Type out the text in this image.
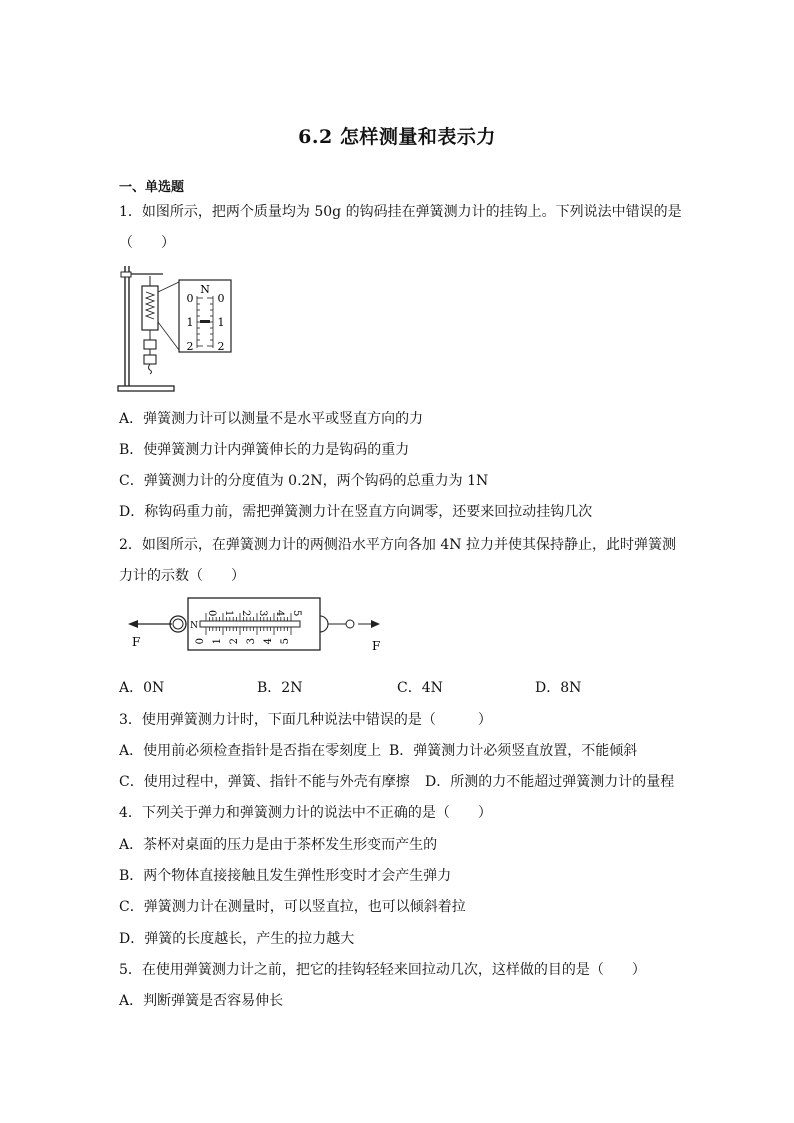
6.2 怎样测量和表示力
一、单选题
1．如图所示，把两个质量均为 50g 的钩码挂在弹簧测力计的挂钩上。下列说法中错误的是
（　　）
N
0 0
1 1
2 2
A．弹簧测力计可以测量不是水平或竖直方向的力
B．使弹簧测力计内弹簧伸长的力是钩码的重力
C．弹簧测力计的分度值为 0.2N，两个钩码的总重力为 1N
D．称钩码重力前，需把弹簧测力计在竖直方向调零，还要来回拉动挂钩几次
2．如图所示，在弹簧测力计的两侧沿水平方向各加 4N 拉力并使其保持静止，此时弹簧测
力计的示数（　　）
F
N
0 1 2 3 4 5
0 1 2 3 4 5	F
A．0N	B．2N	C．4N	D．8N
3．使用弹簧测力计时，下面几种说法中错误的是（　　　）
A．使用前必须检查指针是否指在零刻度上 B．弹簧测力计必须竖直放置，不能倾斜
C．使用过程中，弹簧、指针不能与外壳有摩擦 D．所测的力不能超过弹簧测力计的量程
4．下列关于弹力和弹簧测力计的说法中不正确的是（　　）
A．茶杯对桌面的压力是由于茶杯发生形变而产生的
B．两个物体直接接触且发生弹性形变时才会产生弹力
C．弹簧测力计在测量时，可以竖直拉，也可以倾斜着拉
D．弹簧的长度越长，产生的拉力越大
5．在使用弹簧测力计之前，把它的挂钩轻轻来回拉动几次，这样做的目的是（　　）
A．判断弹簧是否容易伸长
